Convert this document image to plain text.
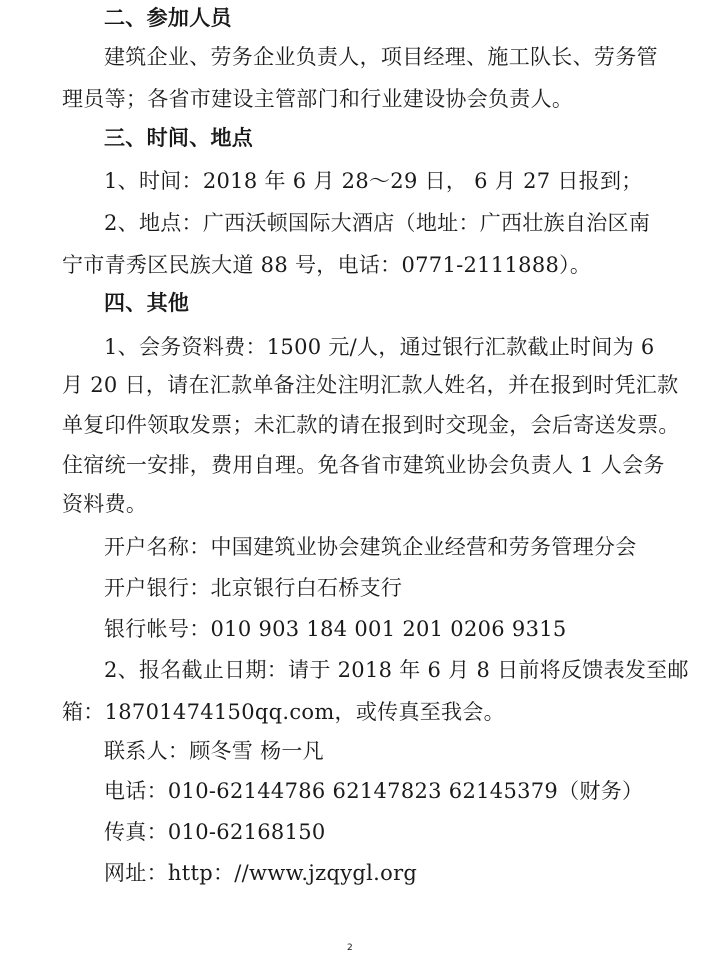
二、参加人员
建筑企业、劳务企业负责人，项目经理、施工队长、劳务管
理员等；各省市建设主管部门和行业建设协会负责人。
三、时间、地点
1、时间：2018 年 6 月 28～29 日， 6 月 27 日报到；
2、地点：广西沃顿国际大酒店（地址：广西壮族自治区南
宁市青秀区民族大道 88 号，电话：0771-2111888）。
四、其他
1、会务资料费：1500 元/人，通过银行汇款截止时间为 6
月 20 日，请在汇款单备注处注明汇款人姓名，并在报到时凭汇款
单复印件领取发票；未汇款的请在报到时交现金，会后寄送发票。
住宿统一安排，费用自理。免各省市建筑业协会负责人 1 人会务
资料费。
开户名称：中国建筑业协会建筑企业经营和劳务管理分会
开户银行：北京银行白石桥支行
银行帐号：010 903 184 001 201 0206 9315
2、报名截止日期：请于 2018 年 6 月 8 日前将反馈表发至邮
箱：18701474150qq.com，或传真至我会。
联系人：顾冬雪 杨一凡
电话：010-62144786 62147823 62145379（财务）
传真：010-62168150
网址：http：//www.jzqygl.org
2
